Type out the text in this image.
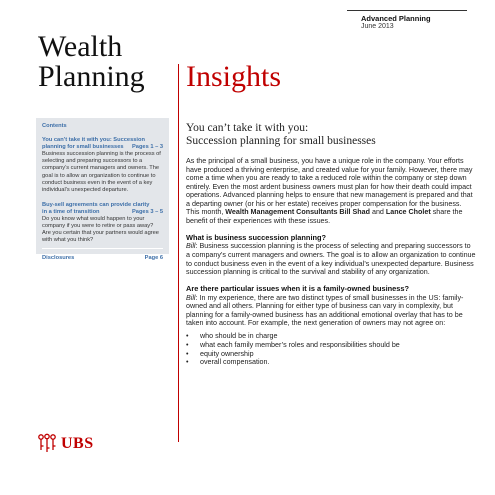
Advanced Planning
June 2013
Wealth
Planning Insights
Contents
You can’t take it with you: Succession
planning for small businesses Pages 1 – 3
Business succession planning is the process of selecting and preparing successors to a company’s current managers and owners. The goal is to allow an organization to continue to conduct business even in the event of a key individual’s unexpected departure.
Buy-sell agreements can provide clarity
in a time of transition	Pages 3 – 5
Do you know what would happen to your company if you were to retire or pass away? Are you certain that your partners would agree with what you think?
Disclosures	Page 6
You can’t take it with you:
Succession planning for small businesses

As the principal of a small business, you have a unique role in the company. Your efforts have produced a thriving enterprise, and created value for your family. However, there may come a time when you are ready to take a reduced role within the company or step down entirely. Even the most ardent business owners must plan for how their death could impact operations. Advanced planning helps to ensure that new management is prepared and that a departing owner (or his or her estate) receives proper compensation for the business. This month, Wealth Management Consultants Bill Shad and Lance Cholet share the benefit of their experiences with these issues.

What is business succession planning?

Bill: Business succession planning is the process of selecting and preparing successors to a company’s current managers and owners. The goal is to allow an organization to continue to conduct business even in the event of a key individual’s unexpected departure. Business succession planning is critical to the survival and stability of any organization.

Are there particular issues when it is a family-owned business?

Bill: In my experience, there are two distinct types of small businesses in the US: family-owned and all others. Planning for either type of business can vary in complexity, but planning for a family-owned business has an additional emotional overlay that has to be taken into account. For example, the next generation of owners may not agree on:

• who should be in charge
• what each family member’s roles and responsibilities should be
• equity ownership
• overall compensation.
UBS
